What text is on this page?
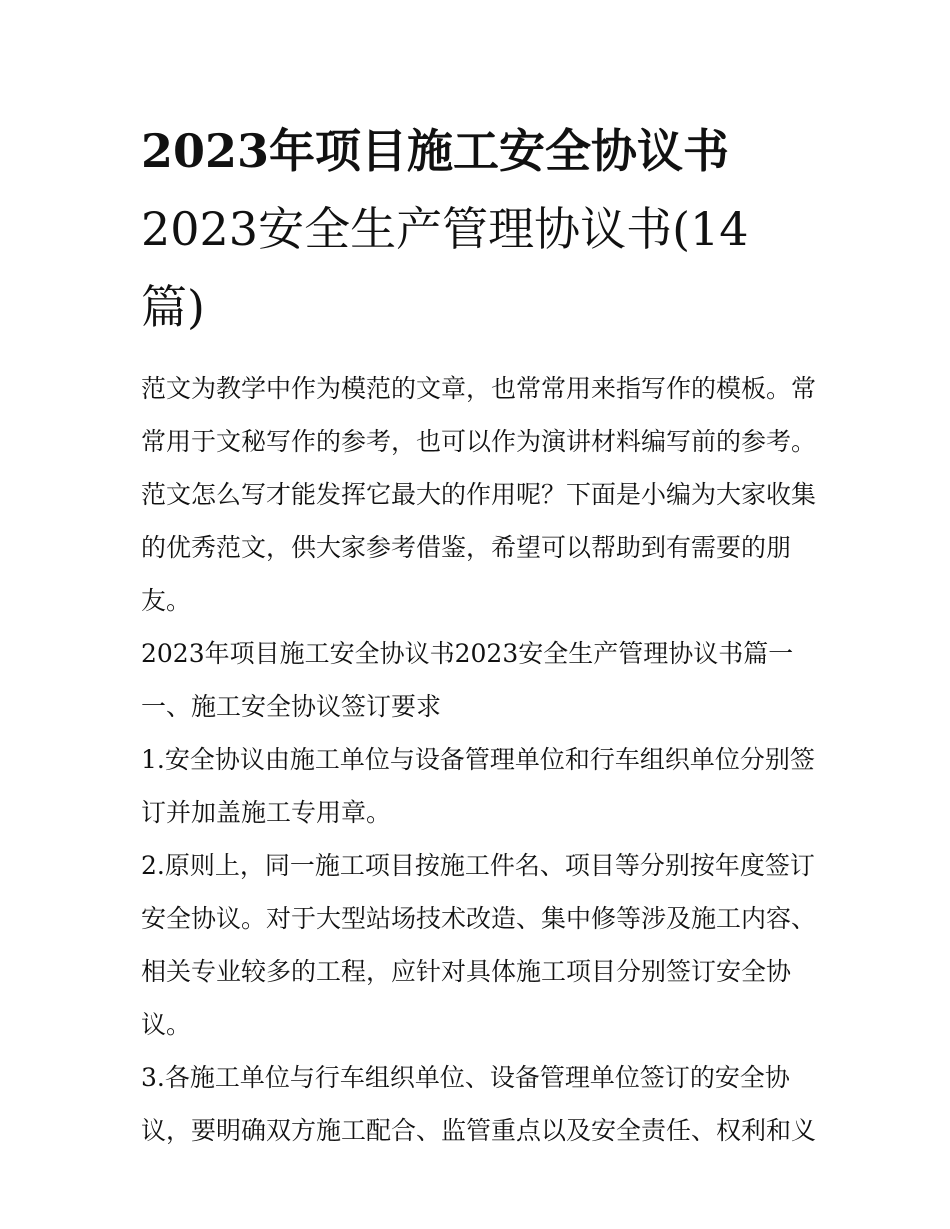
2023年项目施工安全协议书
2023安全生产管理协议书(14
篇)
范文为教学中作为模范的文章，也常常用来指写作的模板。常
常用于文秘写作的参考，也可以作为演讲材料编写前的参考。
范文怎么写才能发挥它最大的作用呢？下面是小编为大家收集
的优秀范文，供大家参考借鉴，希望可以帮助到有需要的朋
友。
2023年项目施工安全协议书2023安全生产管理协议书篇一
一、施工安全协议签订要求
1.安全协议由施工单位与设备管理单位和行车组织单位分别签
订并加盖施工专用章。
2.原则上，同一施工项目按施工件名、项目等分别按年度签订
安全协议。对于大型站场技术改造、集中修等涉及施工内容、
相关专业较多的工程，应针对具体施工项目分别签订安全协
议。
3.各施工单位与行车组织单位、设备管理单位签订的安全协
议，要明确双方施工配合、监管重点以及安全责任、权利和义
